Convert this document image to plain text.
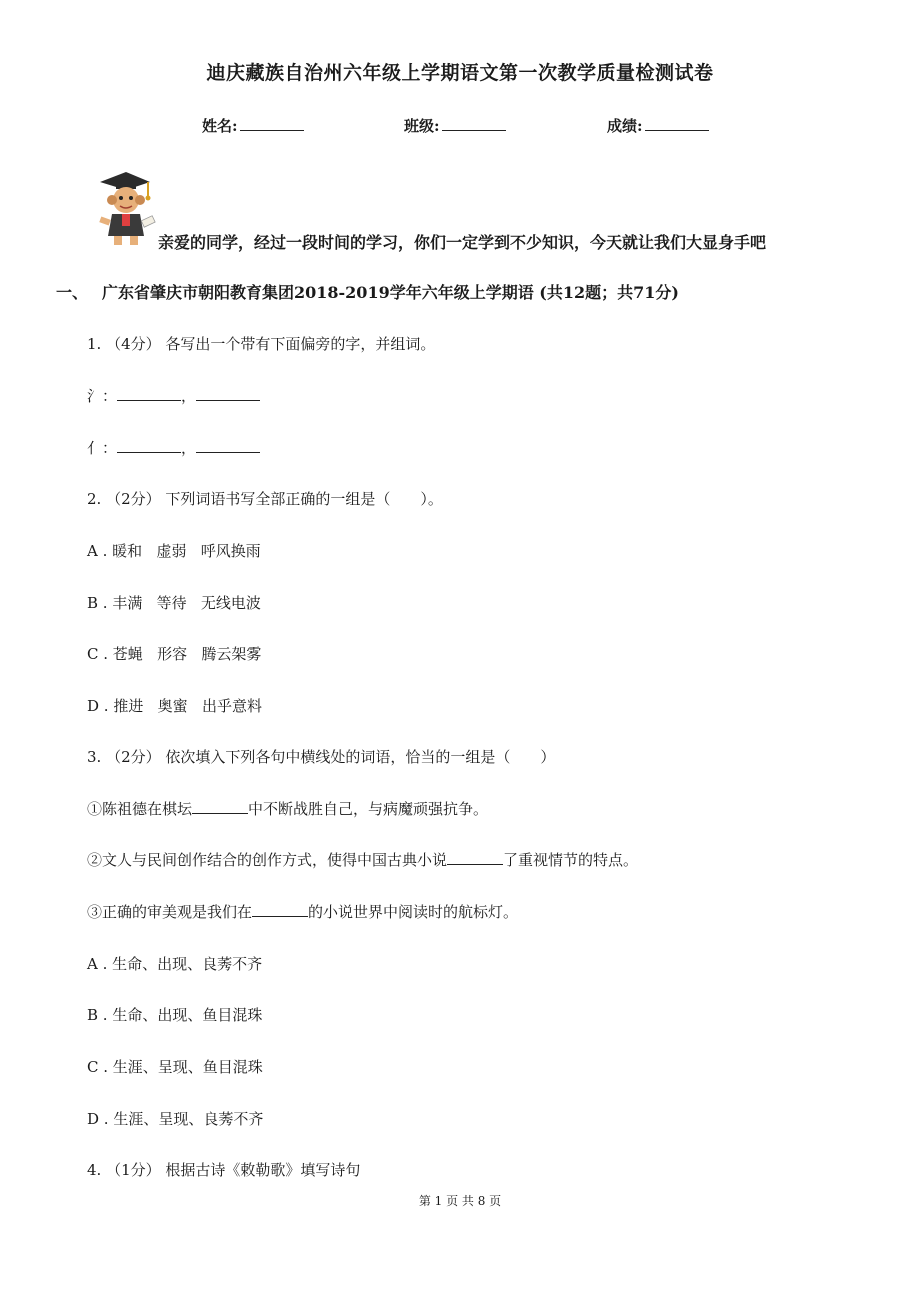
迪庆藏族自治州六年级上学期语文第一次教学质量检测试卷
姓名:	班级:	成绩:
亲爱的同学，经过一段时间的学习，你们一定学到不少知识，今天就让我们大显身手吧
一、 广东省肇庆市朝阳教育集团2018-2019学年六年级上学期语 (共12题；共71分)
1. （4分） 各写出一个带有下面偏旁的字，并组词。
氵：	，
亻：	，
2. （2分） 下列词语书写全部正确的一组是（ ）。
A . 暖和   虚弱   呼风换雨
B . 丰满   等待   无线电波
C . 苍蝇   形容   腾云架雾
D . 推进   奥蜜   出乎意料
3. （2分） 依次填入下列各句中横线处的词语，恰当的一组是（ ）
①陈祖德在棋坛	中不断战胜自己，与病魔顽强抗争。
②文人与民间创作结合的创作方式，使得中国古典小说	了重视情节的特点。
③正确的审美观是我们在	的小说世界中阅读时的航标灯。
A . 生命、出现、良莠不齐
B . 生命、出现、鱼目混珠
C . 生涯、呈现、鱼目混珠
D . 生涯、呈现、良莠不齐
4. （1分） 根据古诗《敕勒歌》填写诗句
第 1 页 共 8 页
